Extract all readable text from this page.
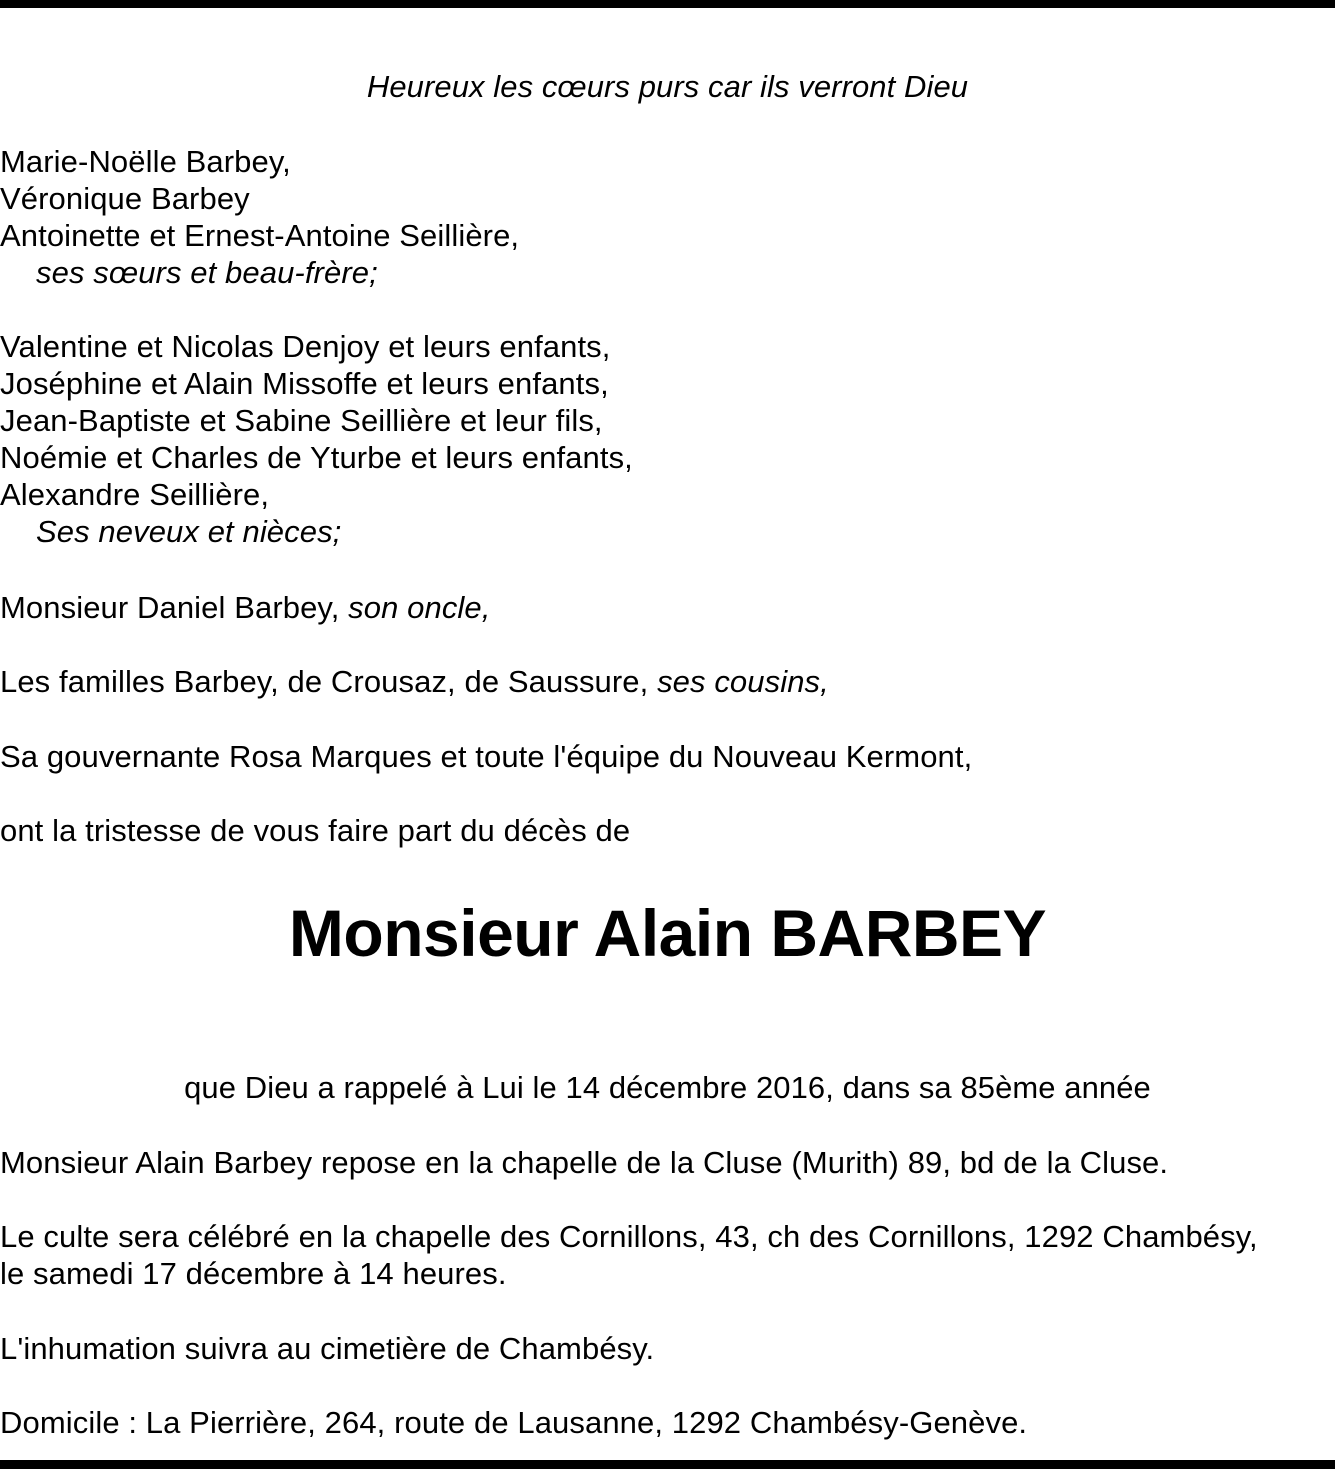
Heureux les cœurs purs car ils verront Dieu
Marie-Noëlle Barbey,
Véronique Barbey
Antoinette et Ernest-Antoine Seillière,
ses sœurs et beau-frère;
Valentine et Nicolas Denjoy et leurs enfants,
Joséphine et Alain Missoffe et leurs enfants,
Jean-Baptiste et Sabine Seillière et leur fils,
Noémie et Charles de Yturbe et leurs enfants,
Alexandre Seillière,
Ses neveux et nièces;
Monsieur Daniel Barbey, son oncle,
Les familles Barbey, de Crousaz, de Saussure, ses cousins,
Sa gouvernante Rosa Marques et toute l'équipe du Nouveau Kermont,
ont la tristesse de vous faire part du décès de
Monsieur Alain BARBEY
que Dieu a rappelé à Lui le 14 décembre 2016, dans sa 85ème année
Monsieur Alain Barbey repose en la chapelle de la Cluse (Murith) 89, bd de la Cluse.
Le culte sera célébré en la chapelle des Cornillons, 43, ch des Cornillons, 1292 Chambésy,
le samedi 17 décembre à 14 heures.
L'inhumation suivra au cimetière de Chambésy.
Domicile : La Pierrière, 264, route de Lausanne, 1292 Chambésy-Genève.
